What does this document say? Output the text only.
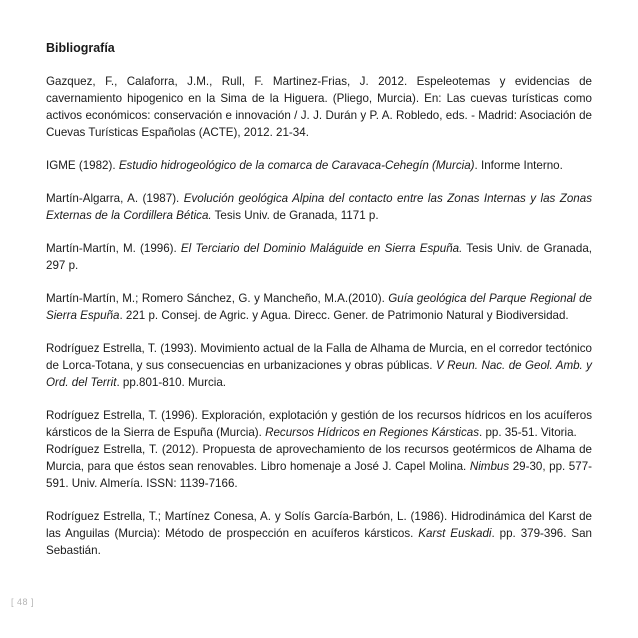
Bibliografía

Gazquez, F., Calaforra, J.M., Rull, F. Martinez-Frias, J. 2012. Espeleotemas y evidencias de cavernamiento hipogenico en la Sima de la Higuera. (Pliego, Murcia). En: Las cuevas turísticas como activos económicos: conservación e innovación / J. J. Durán y P. A. Robledo, eds. - Madrid: Asociación de Cuevas Turísticas Españolas (ACTE), 2012. 21-34.

IGME (1982). Estudio hidrogeológico de la comarca de Caravaca-Cehegín (Murcia). Informe Interno.

Martín-Algarra, A. (1987). Evolución geológica Alpina del contacto entre las Zonas Internas y las Zonas Externas de la Cordillera Bética. Tesis Univ. de Granada, 1171 p.

Martín-Martín, M. (1996). El Terciario del Dominio Maláguide en Sierra Espuña. Tesis Univ. de Granada, 297 p.

Martín-Martín, M.; Romero Sánchez, G. y Mancheño, M.A.(2010). Guía geológica del Parque Regional de Sierra Espuña. 221 p. Consej. de Agric. y Agua. Direcc. Gener. de Patrimonio Natural y Biodiversidad.

Rodríguez Estrella, T. (1993). Movimiento actual de la Falla de Alhama de Murcia, en el corredor tectónico de Lorca-Totana, y sus consecuencias en urbanizaciones y obras públicas. V Reun. Nac. de Geol. Amb. y Ord. del Territ. pp.801-810. Murcia.

Rodríguez Estrella, T. (1996). Exploración, explotación y gestión de los recursos hídricos en los acuíferos kársticos de la Sierra de Espuña (Murcia). Recursos Hídricos en Regiones Kársticas. pp. 35-51. Vitoria.

Rodríguez Estrella, T. (2012). Propuesta de aprovechamiento de los recursos geotérmicos de Alhama de Murcia, para que éstos sean renovables. Libro homenaje a José J. Capel Molina. Nimbus 29-30, pp. 577-591. Univ. Almería. ISSN: 1139-7166.

Rodríguez Estrella, T.; Martínez Conesa, A. y Solís García-Barbón, L. (1986). Hidrodinámica del Karst de las Anguilas (Murcia): Método de prospección en acuíferos kársticos. Karst Euskadi. pp. 379-396. San Sebastián.

[ 48 ]
